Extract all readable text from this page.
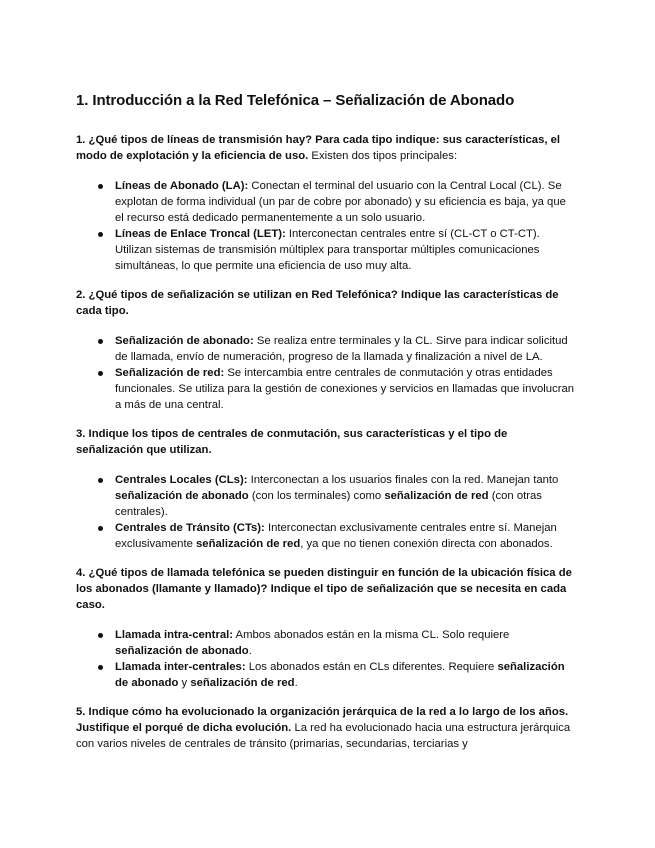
1. Introducción a la Red Telefónica – Señalización de Abonado

1. ¿Qué tipos de líneas de transmisión hay? Para cada tipo indique: sus características, el modo de explotación y la eficiencia de uso. Existen dos tipos principales:

Líneas de Abonado (LA): Conectan el terminal del usuario con la Central Local (CL). Se explotan de forma individual (un par de cobre por abonado) y su eficiencia es baja, ya que el recurso está dedicado permanentemente a un solo usuario.
Líneas de Enlace Troncal (LET): Interconectan centrales entre sí (CL-CT o CT-CT). Utilizan sistemas de transmisión múltiplex para transportar múltiples comunicaciones simultáneas, lo que permite una eficiencia de uso muy alta.

2. ¿Qué tipos de señalización se utilizan en Red Telefónica? Indique las características de cada tipo.

Señalización de abonado: Se realiza entre terminales y la CL. Sirve para indicar solicitud de llamada, envío de numeración, progreso de la llamada y finalización a nivel de LA.
Señalización de red: Se intercambia entre centrales de conmutación y otras entidades funcionales. Se utiliza para la gestión de conexiones y servicios en llamadas que involucran a más de una central.

3. Indique los tipos de centrales de conmutación, sus características y el tipo de señalización que utilizan.

Centrales Locales (CLs): Interconectan a los usuarios finales con la red. Manejan tanto señalización de abonado (con los terminales) como señalización de red (con otras centrales).
Centrales de Tránsito (CTs): Interconectan exclusivamente centrales entre sí. Manejan exclusivamente señalización de red, ya que no tienen conexión directa con abonados.

4. ¿Qué tipos de llamada telefónica se pueden distinguir en función de la ubicación física de los abonados (llamante y llamado)? Indique el tipo de señalización que se necesita en cada caso.

Llamada intra-central: Ambos abonados están en la misma CL. Solo requiere señalización de abonado.
Llamada inter-centrales: Los abonados están en CLs diferentes. Requiere señalización de abonado y señalización de red.

5. Indique cómo ha evolucionado la organización jerárquica de la red a lo largo de los años. Justifique el porqué de dicha evolución. La red ha evolucionado hacia una estructura jerárquica con varios niveles de centrales de tránsito (primarias, secundarias, terciarias y
